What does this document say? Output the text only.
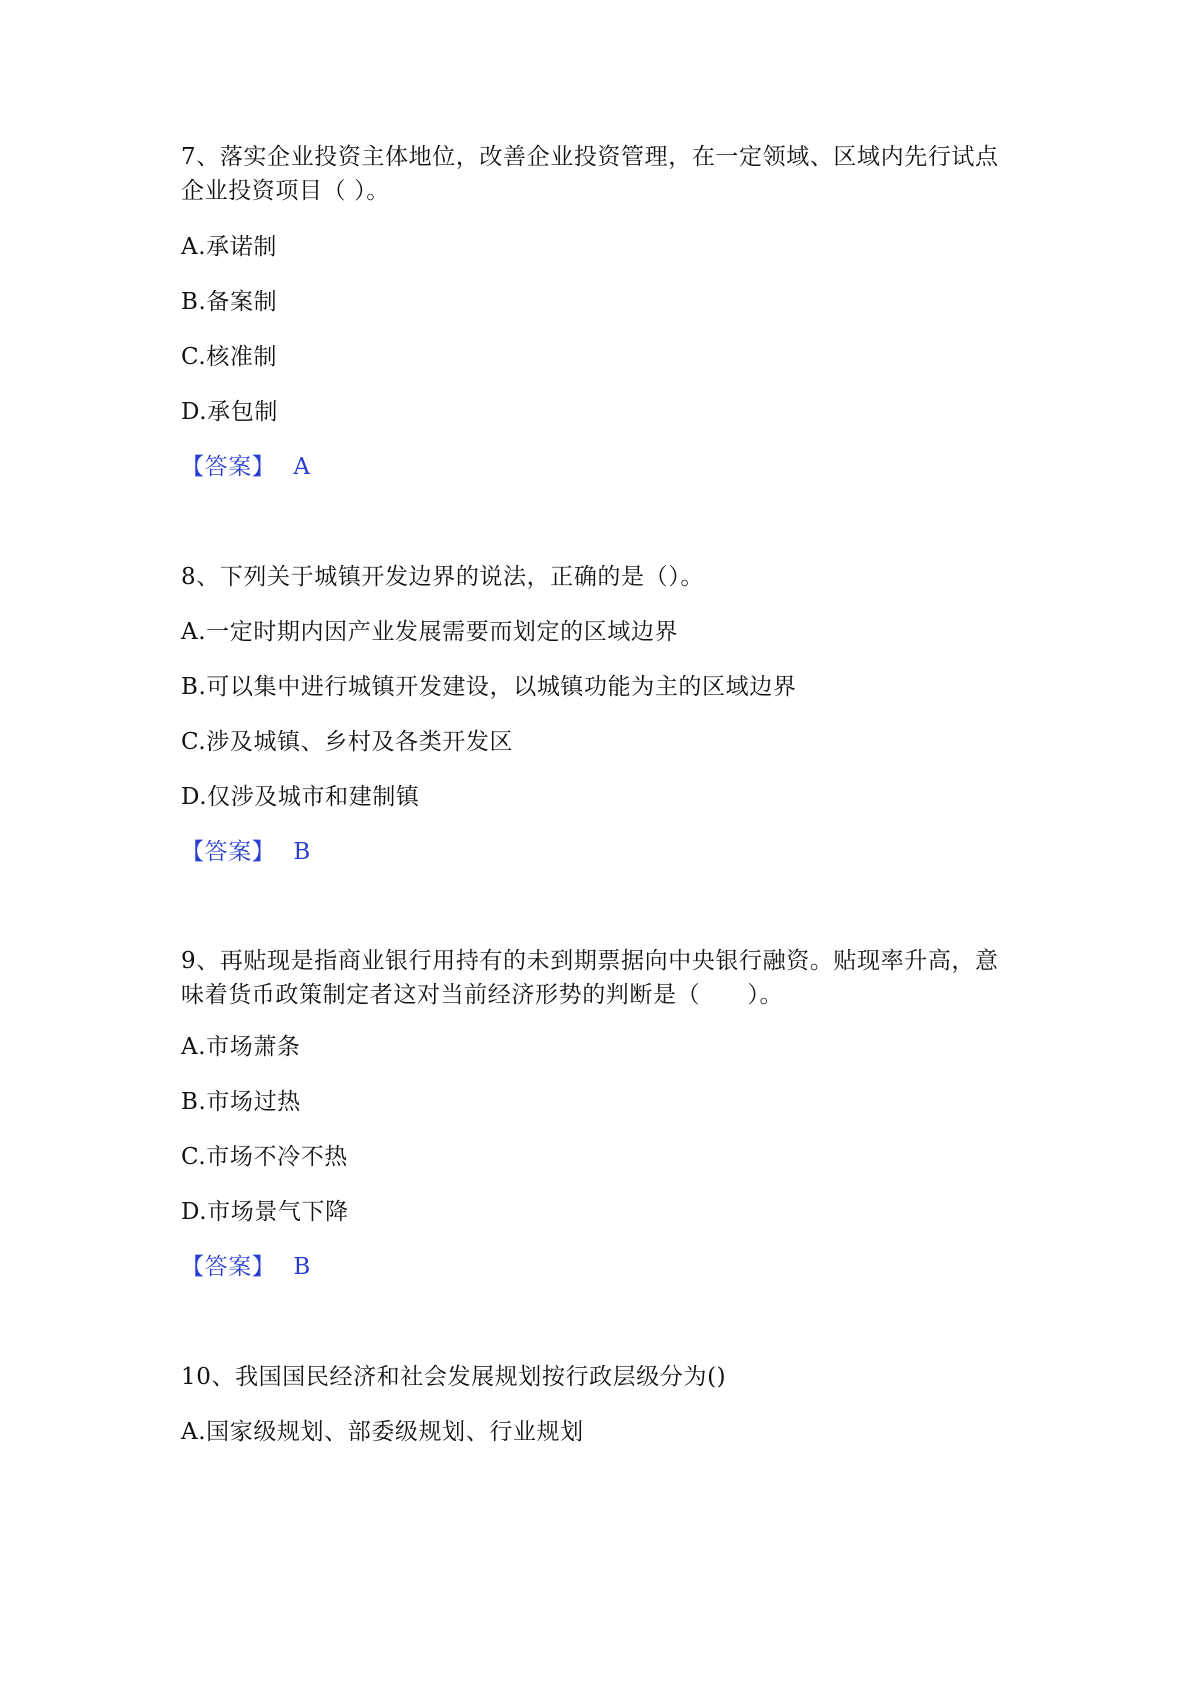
7、落实企业投资主体地位，改善企业投资管理，在一定领域、区域内先行试点
企业投资项目（ ）。
A.承诺制
B.备案制
C.核准制
D.承包制
【答案】 A
8、下列关于城镇开发边界的说法，正确的是（）。
A.一定时期内因产业发展需要而划定的区域边界
B.可以集中进行城镇开发建设，以城镇功能为主的区域边界
C.涉及城镇、乡村及各类开发区
D.仅涉及城市和建制镇
【答案】 B
9、再贴现是指商业银行用持有的未到期票据向中央银行融资。贴现率升高，意
味着货币政策制定者这对当前经济形势的判断是（　　）。
A.市场萧条
B.市场过热
C.市场不冷不热
D.市场景气下降
【答案】 B
10、我国国民经济和社会发展规划按行政层级分为()
A.国家级规划、部委级规划、行业规划
